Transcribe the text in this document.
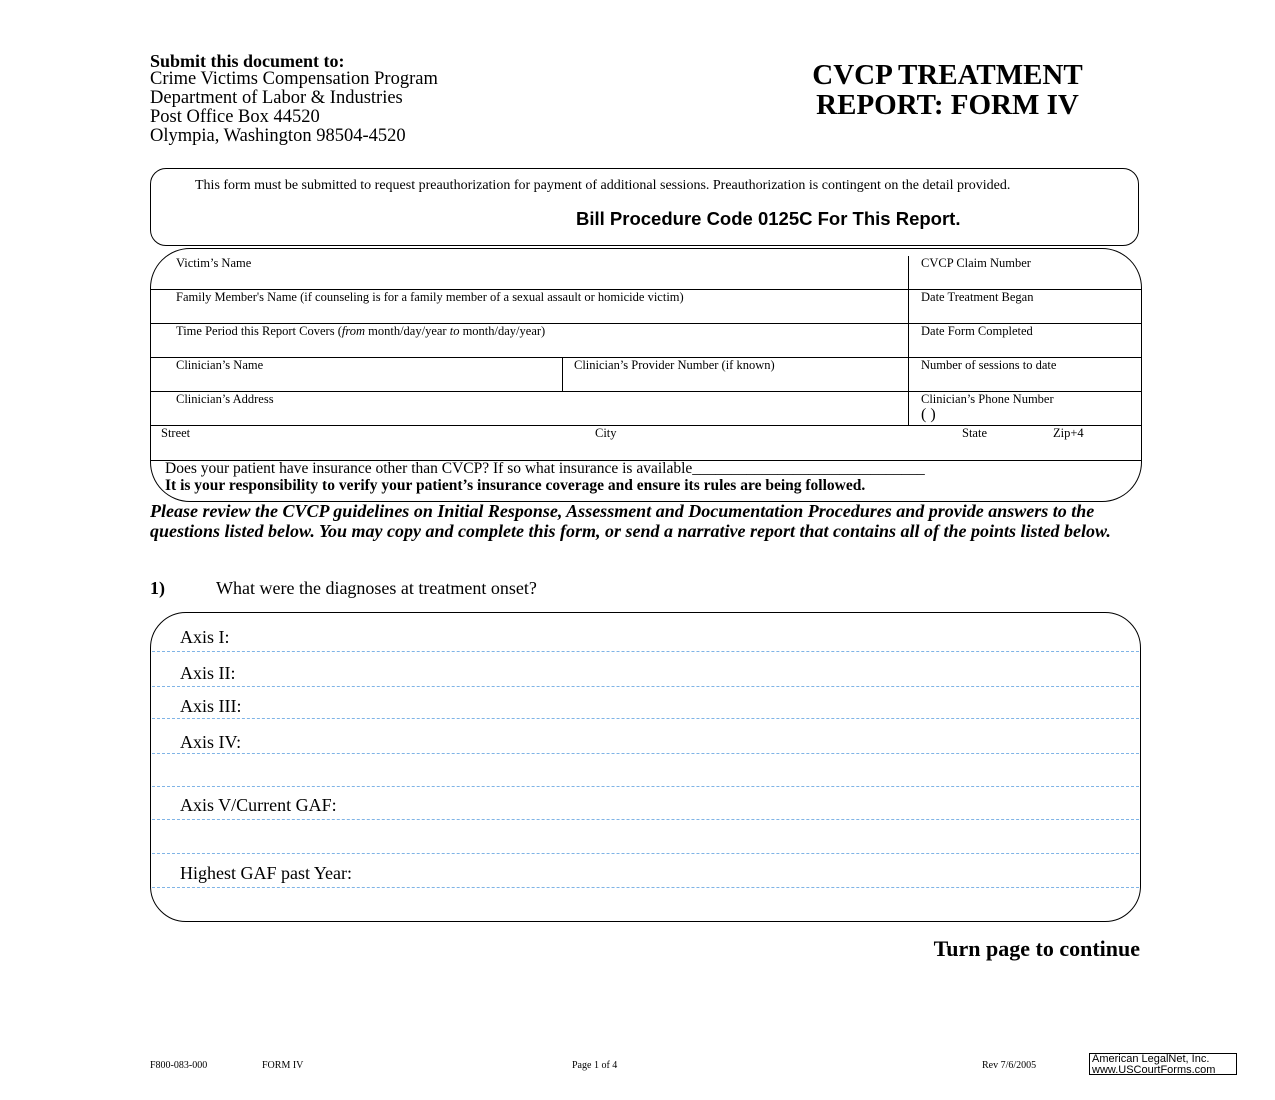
Submit this document to:
Crime Victims Compensation Program
Department of Labor & Industries
Post Office Box 44520
Olympia, Washington 98504-4520
CVCP TREATMENT
REPORT: FORM IV
This form must be submitted to request preauthorization for payment of additional sessions. Preauthorization is contingent on the detail provided.
Bill Procedure Code 0125C For This Report.
Victim’s Name	CVCP Claim Number
Family Member's Name (if counseling is for a family member of a sexual assault or homicide victim)	Date Treatment Began
Time Period this Report Covers (from month/day/year to month/day/year)	Date Form Completed
Clinician’s Name	Clinician’s Provider Number (if known)	Number of sessions to date
Clinician’s Address	Clinician’s Phone Number
( )
Street	City	State	Zip+4
Does your patient have insurance other than CVCP? If so what insurance is available______________________________
It is your responsibility to verify your patient’s insurance coverage and ensure its rules are being followed.
Please review the CVCP guidelines on Initial Response, Assessment and Documentation Procedures and provide answers to the questions listed below. You may copy and complete this form, or send a narrative report that contains all of the points listed below.
1)	What were the diagnoses at treatment onset?
Axis I:
Axis II:
Axis III:
Axis IV:
Axis V/Current GAF:
Highest GAF past Year:
Turn page to continue
F800-083-000	FORM IV	Page 1 of 4	Rev 7/6/2005
American LegalNet, Inc.
www.USCourtForms.com
